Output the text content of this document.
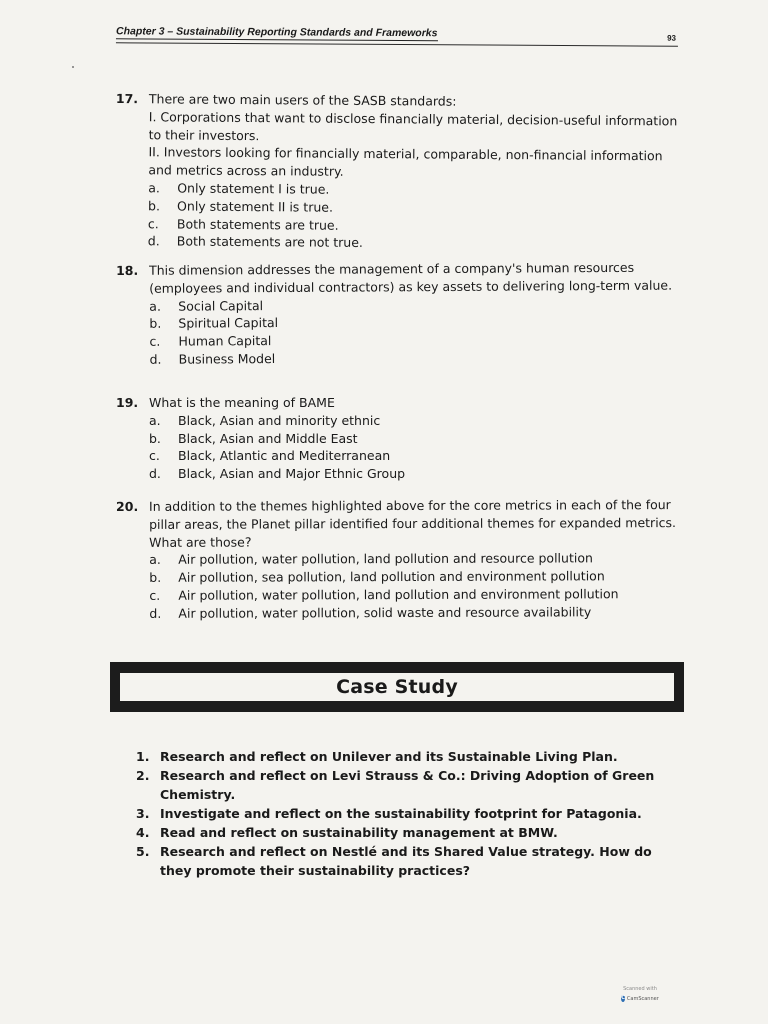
Chapter 3 – Sustainability Reporting Standards and Frameworks	93
17. There are two main users of the SASB standards:
I. Corporations that want to disclose financially material, decision-useful information to their investors.
II. Investors looking for financially material, comparable, non-financial information and metrics across an industry.
a.	Only statement I is true.
b.	Only statement II is true.
c.	Both statements are true.
d.	Both statements are not true.
18. This dimension addresses the management of a company's human resources (employees and individual contractors) as key assets to delivering long-term value.
a.	Social Capital
b.	Spiritual Capital
c.	Human Capital
d.	Business Model
19. What is the meaning of BAME
a.	Black, Asian and minority ethnic
b.	Black, Asian and Middle East
c.	Black, Atlantic and Mediterranean
d.	Black, Asian and Major Ethnic Group
20. In addition to the themes highlighted above for the core metrics in each of the four pillar areas, the Planet pillar identified four additional themes for expanded metrics. What are those?
a.	Air pollution, water pollution, land pollution and resource pollution
b.	Air pollution, sea pollution, land pollution and environment pollution
c.	Air pollution, water pollution, land pollution and environment pollution
d.	Air pollution, water pollution, solid waste and resource availability
Case Study
1. Research and reflect on Unilever and its Sustainable Living Plan.
2. Research and reflect on Levi Strauss & Co.: Driving Adoption of Green Chemistry.
3. Investigate and reflect on the sustainability footprint for Patagonia.
4. Read and reflect on sustainability management at BMW.
5. Research and reflect on Nestlé and its Shared Value strategy. How do they promote their sustainability practices?
Scanned with
C CamScanner
